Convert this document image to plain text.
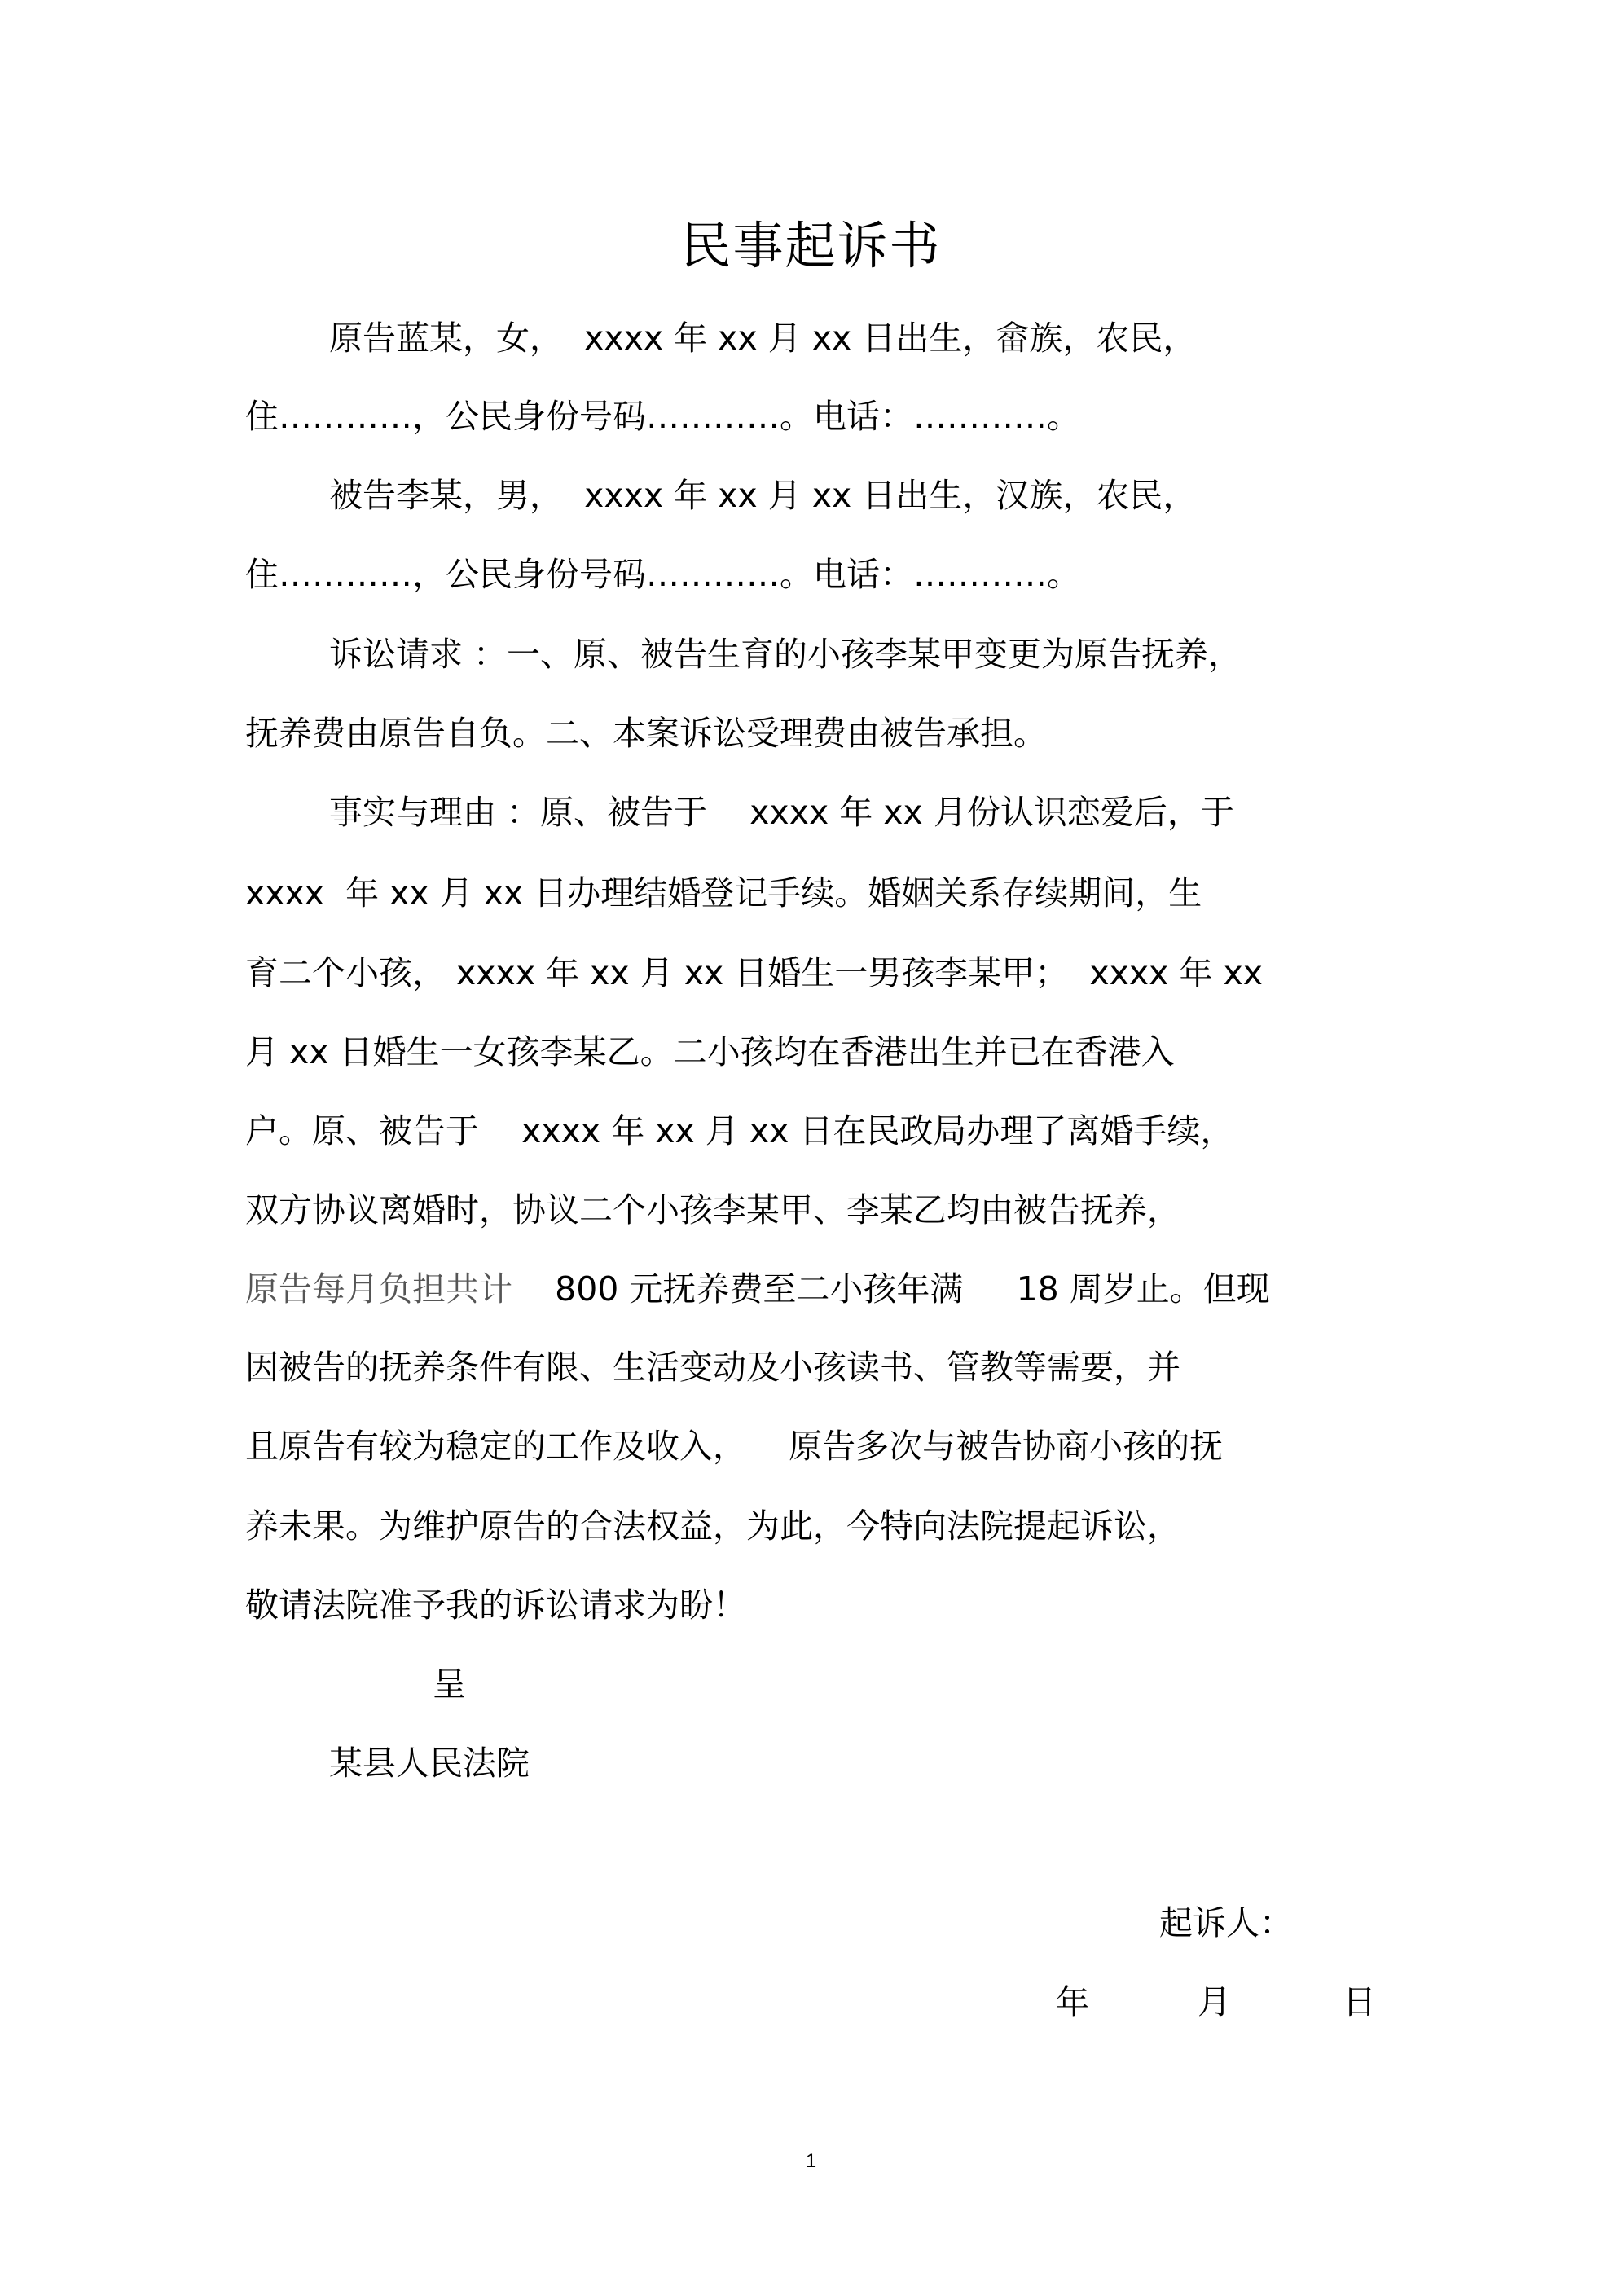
民事起诉书
原告蓝某，女，  xxxx 年 xx 月 xx 日出生，畲族，农民，
住…………，公民身份号码…………。电话：…………。
被告李某，男，  xxxx 年 xx 月 xx 日出生，汉族，农民，
住…………，公民身份号码…………。电话：…………。
诉讼请求 ：一、原、被告生育的小孩李某甲变更为原告抚养，
抚养费由原告自负。二、本案诉讼受理费由被告承担。
事实与理由 ：原、被告于    xxxx 年 xx 月份认识恋爱后，于
xxxx  年 xx 月 xx 日办理结婚登记手续。婚姻关系存续期间，生
育二个小孩， xxxx 年 xx 月 xx 日婚生一男孩李某甲；  xxxx 年 xx
月 xx 日婚生一女孩李某乙。二小孩均在香港出生并已在香港入
户。原、被告于    xxxx 年 xx 月 xx 日在民政局办理了离婚手续，
双方协议离婚时，协议二个小孩李某甲、李某乙均由被告抚养，
原告每月负担共计    800 元抚养费至二小孩年满     18 周岁止。但现
因被告的抚养条件有限、生活变动及小孩读书、管教等需要，并
且原告有较为稳定的工作及收入，    原告多次与被告协商小孩的抚
养未果。为维护原告的合法权益，为此，今特向法院提起诉讼，
敬请法院准予我的诉讼请求为盼！
呈
某县人民法院
起诉人：
年	月	日
1
